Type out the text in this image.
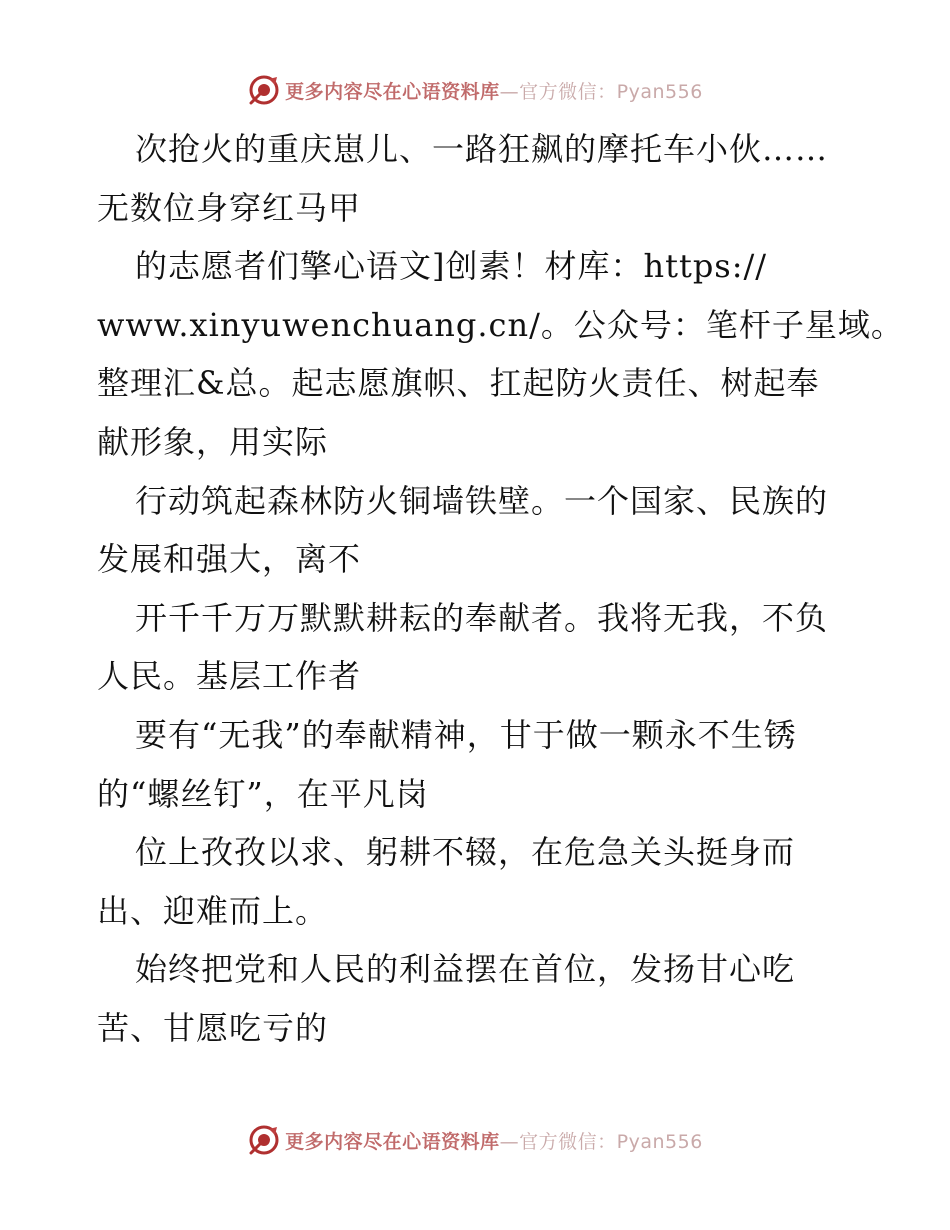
更多内容尽在心语资料库—官方微信：Pyan556
次抢火的重庆崽儿、一路狂飙的摩托车小伙……
无数位身穿红马甲
的志愿者们擎心语文]创素！材库：https://
www.xinyuwenchuang.cn/。公众号：笔杆子星域。
整理汇&总。起志愿旗帜、扛起防火责任、树起奉
献形象，用实际
行动筑起森林防火铜墙铁壁。一个国家、民族的
发展和强大，离不
开千千万万默默耕耘的奉献者。我将无我，不负
人民。基层工作者
要有“无我”的奉献精神，甘于做一颗永不生锈
的“螺丝钉”，在平凡岗
位上孜孜以求、躬耕不辍，在危急关头挺身而
出、迎难而上。
始终把党和人民的利益摆在首位，发扬甘心吃
苦、甘愿吃亏的
更多内容尽在心语资料库—官方微信：Pyan556
